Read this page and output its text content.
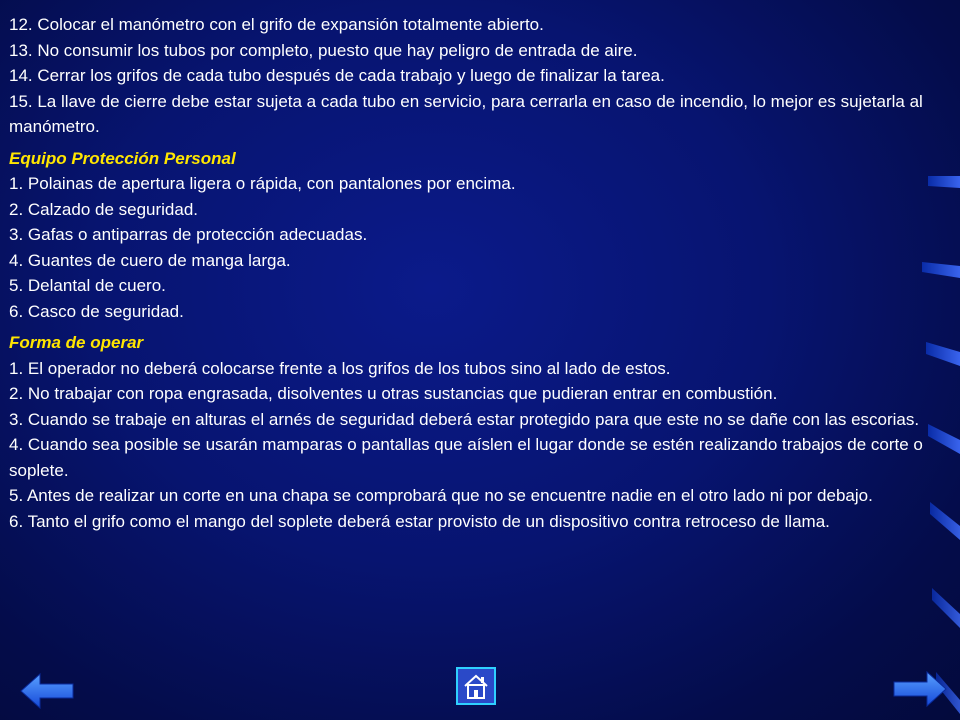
12. Colocar el manómetro con el grifo de expansión totalmente abierto.

13. No consumir los tubos por completo, puesto que hay peligro de entrada de aire.

14. Cerrar los grifos de cada tubo después de cada trabajo y luego de finalizar la tarea.

15. La llave de cierre debe estar sujeta a cada tubo en servicio, para cerrarla en caso de incendio, lo mejor es sujetarla al manómetro.

Equipo Protección Personal

1. Polainas de apertura ligera o rápida, con pantalones por encima.

2. Calzado de seguridad.

3. Gafas o antiparras de protección adecuadas.

4. Guantes de cuero de manga larga.

5. Delantal de cuero.

6. Casco de seguridad.

Forma de operar

1. El operador no deberá colocarse frente a los grifos de los tubos sino al lado de estos.

2. No trabajar con ropa engrasada, disolventes u otras sustancias que pudieran entrar en combustión.

3. Cuando se trabaje en alturas el arnés de seguridad deberá estar protegido para que este no se dañe con las escorias.

4. Cuando sea posible se usarán mamparas o pantallas que aíslen el lugar donde se estén realizando trabajos de corte o soplete.

5. Antes de realizar un corte en una chapa se comprobará que no se encuentre nadie en el otro lado ni por debajo.

6. Tanto el grifo como el mango del soplete deberá estar provisto de un dispositivo contra retroceso de llama.
